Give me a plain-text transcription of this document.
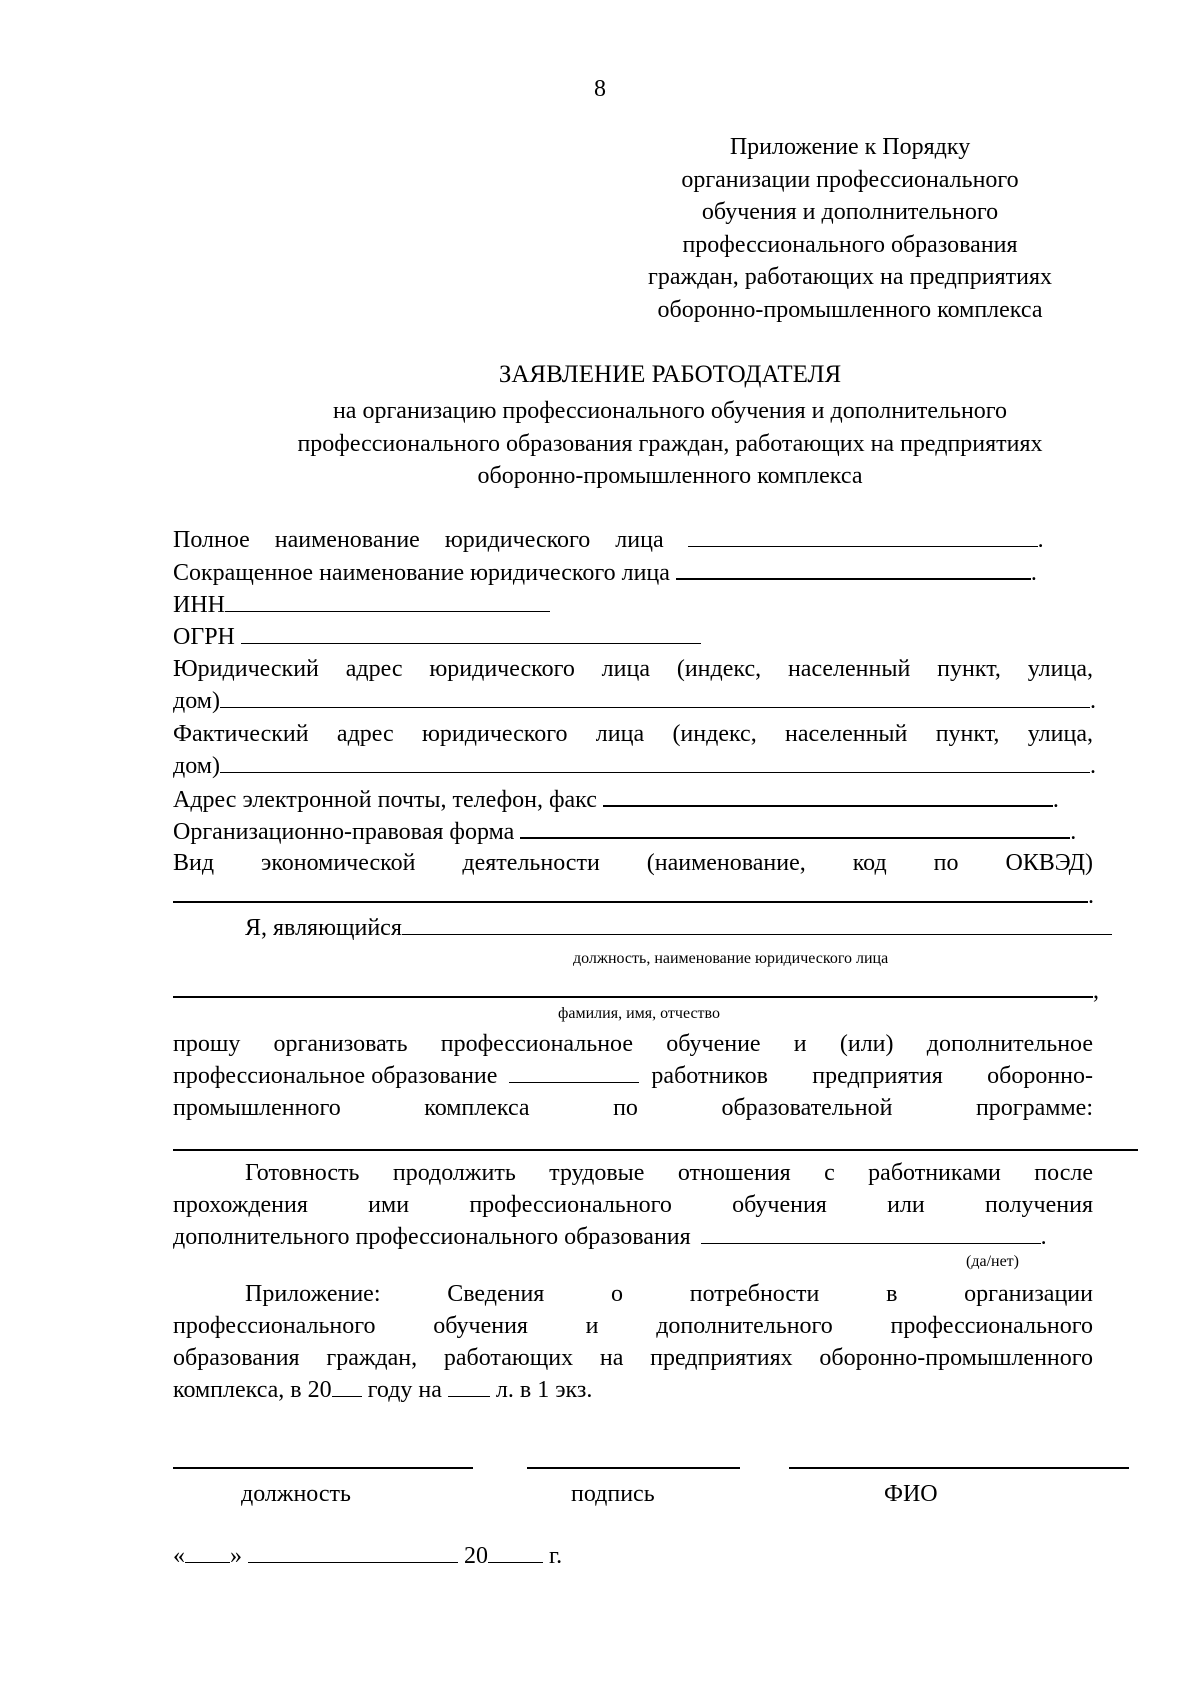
8
Приложение к Порядку
организации профессионального
обучения и дополнительного
профессионального образования
граждан, работающих на предприятиях
оборонно-промышленного комплекса
ЗАЯВЛЕНИЕ РАБОТОДАТЕЛЯ
на организацию профессионального обучения и дополнительного
профессионального образования граждан, работающих на предприятиях
оборонно-промышленного комплекса
Полное наименование юридического лица	.
Сокращенное наименование юридического лица	.
ИНН
ОГРН
Юридический адрес юридического лица (индекс, населенный пункт, улица,
дом)	.
Фактический адрес юридического лица (индекс, населенный пункт, улица,
дом)	.
Адрес электронной почты, телефон, факс	.
Организационно-правовая форма	.
Вид экономической деятельности (наименование, код по ОКВЭД)
.
Я, являющийся
должность, наименование юридического лица
,
фамилия, имя, отчество
прошу организовать профессиональное обучение и (или) дополнительное
профессиональное образование	работников предприятия оборонно-
промышленного комплекса по образовательной программе:
Готовность продолжить трудовые отношения с работниками после
прохождения ими профессионального обучения или получения
дополнительного профессионального образования	.
(да/нет)
Приложение: Сведения о потребности в организации
профессионального обучения и дополнительного профессионального
образования граждан, работающих на предприятиях оборонно-промышленного
комплекса, в 20 году на л. в 1 экз.
должность	подпись	ФИО
« »	20	г.
